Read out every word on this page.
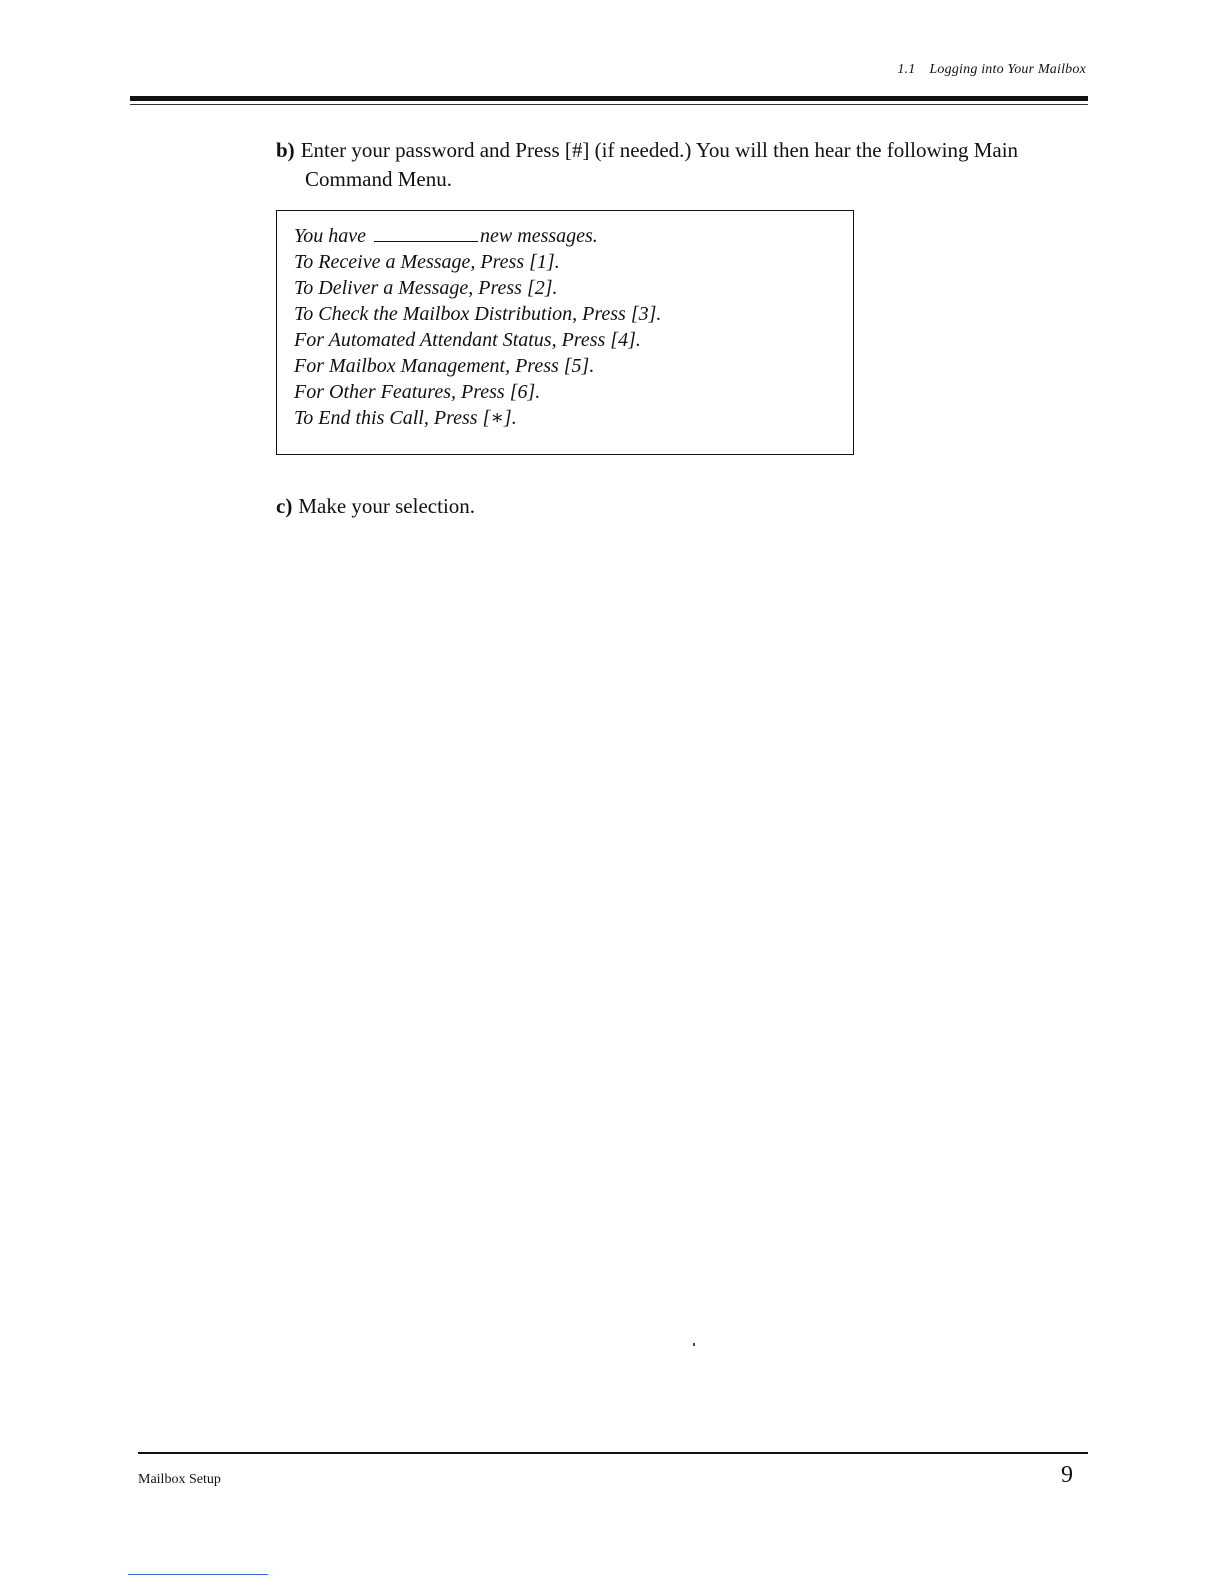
1.1 Logging into Your Mailbox
b) Enter your password and Press [#] (if needed.) You will then hear the following Main
Command Menu.
You have	new messages.
To Receive a Message, Press [1].
To Deliver a Message, Press [2].
To Check the Mailbox Distribution, Press [3].
For Automated Attendant Status, Press [4].
For Mailbox Management, Press [5].
For Other Features, Press [6].
To End this Call, Press [∗].
c) Make your selection.
Mailbox Setup	9
